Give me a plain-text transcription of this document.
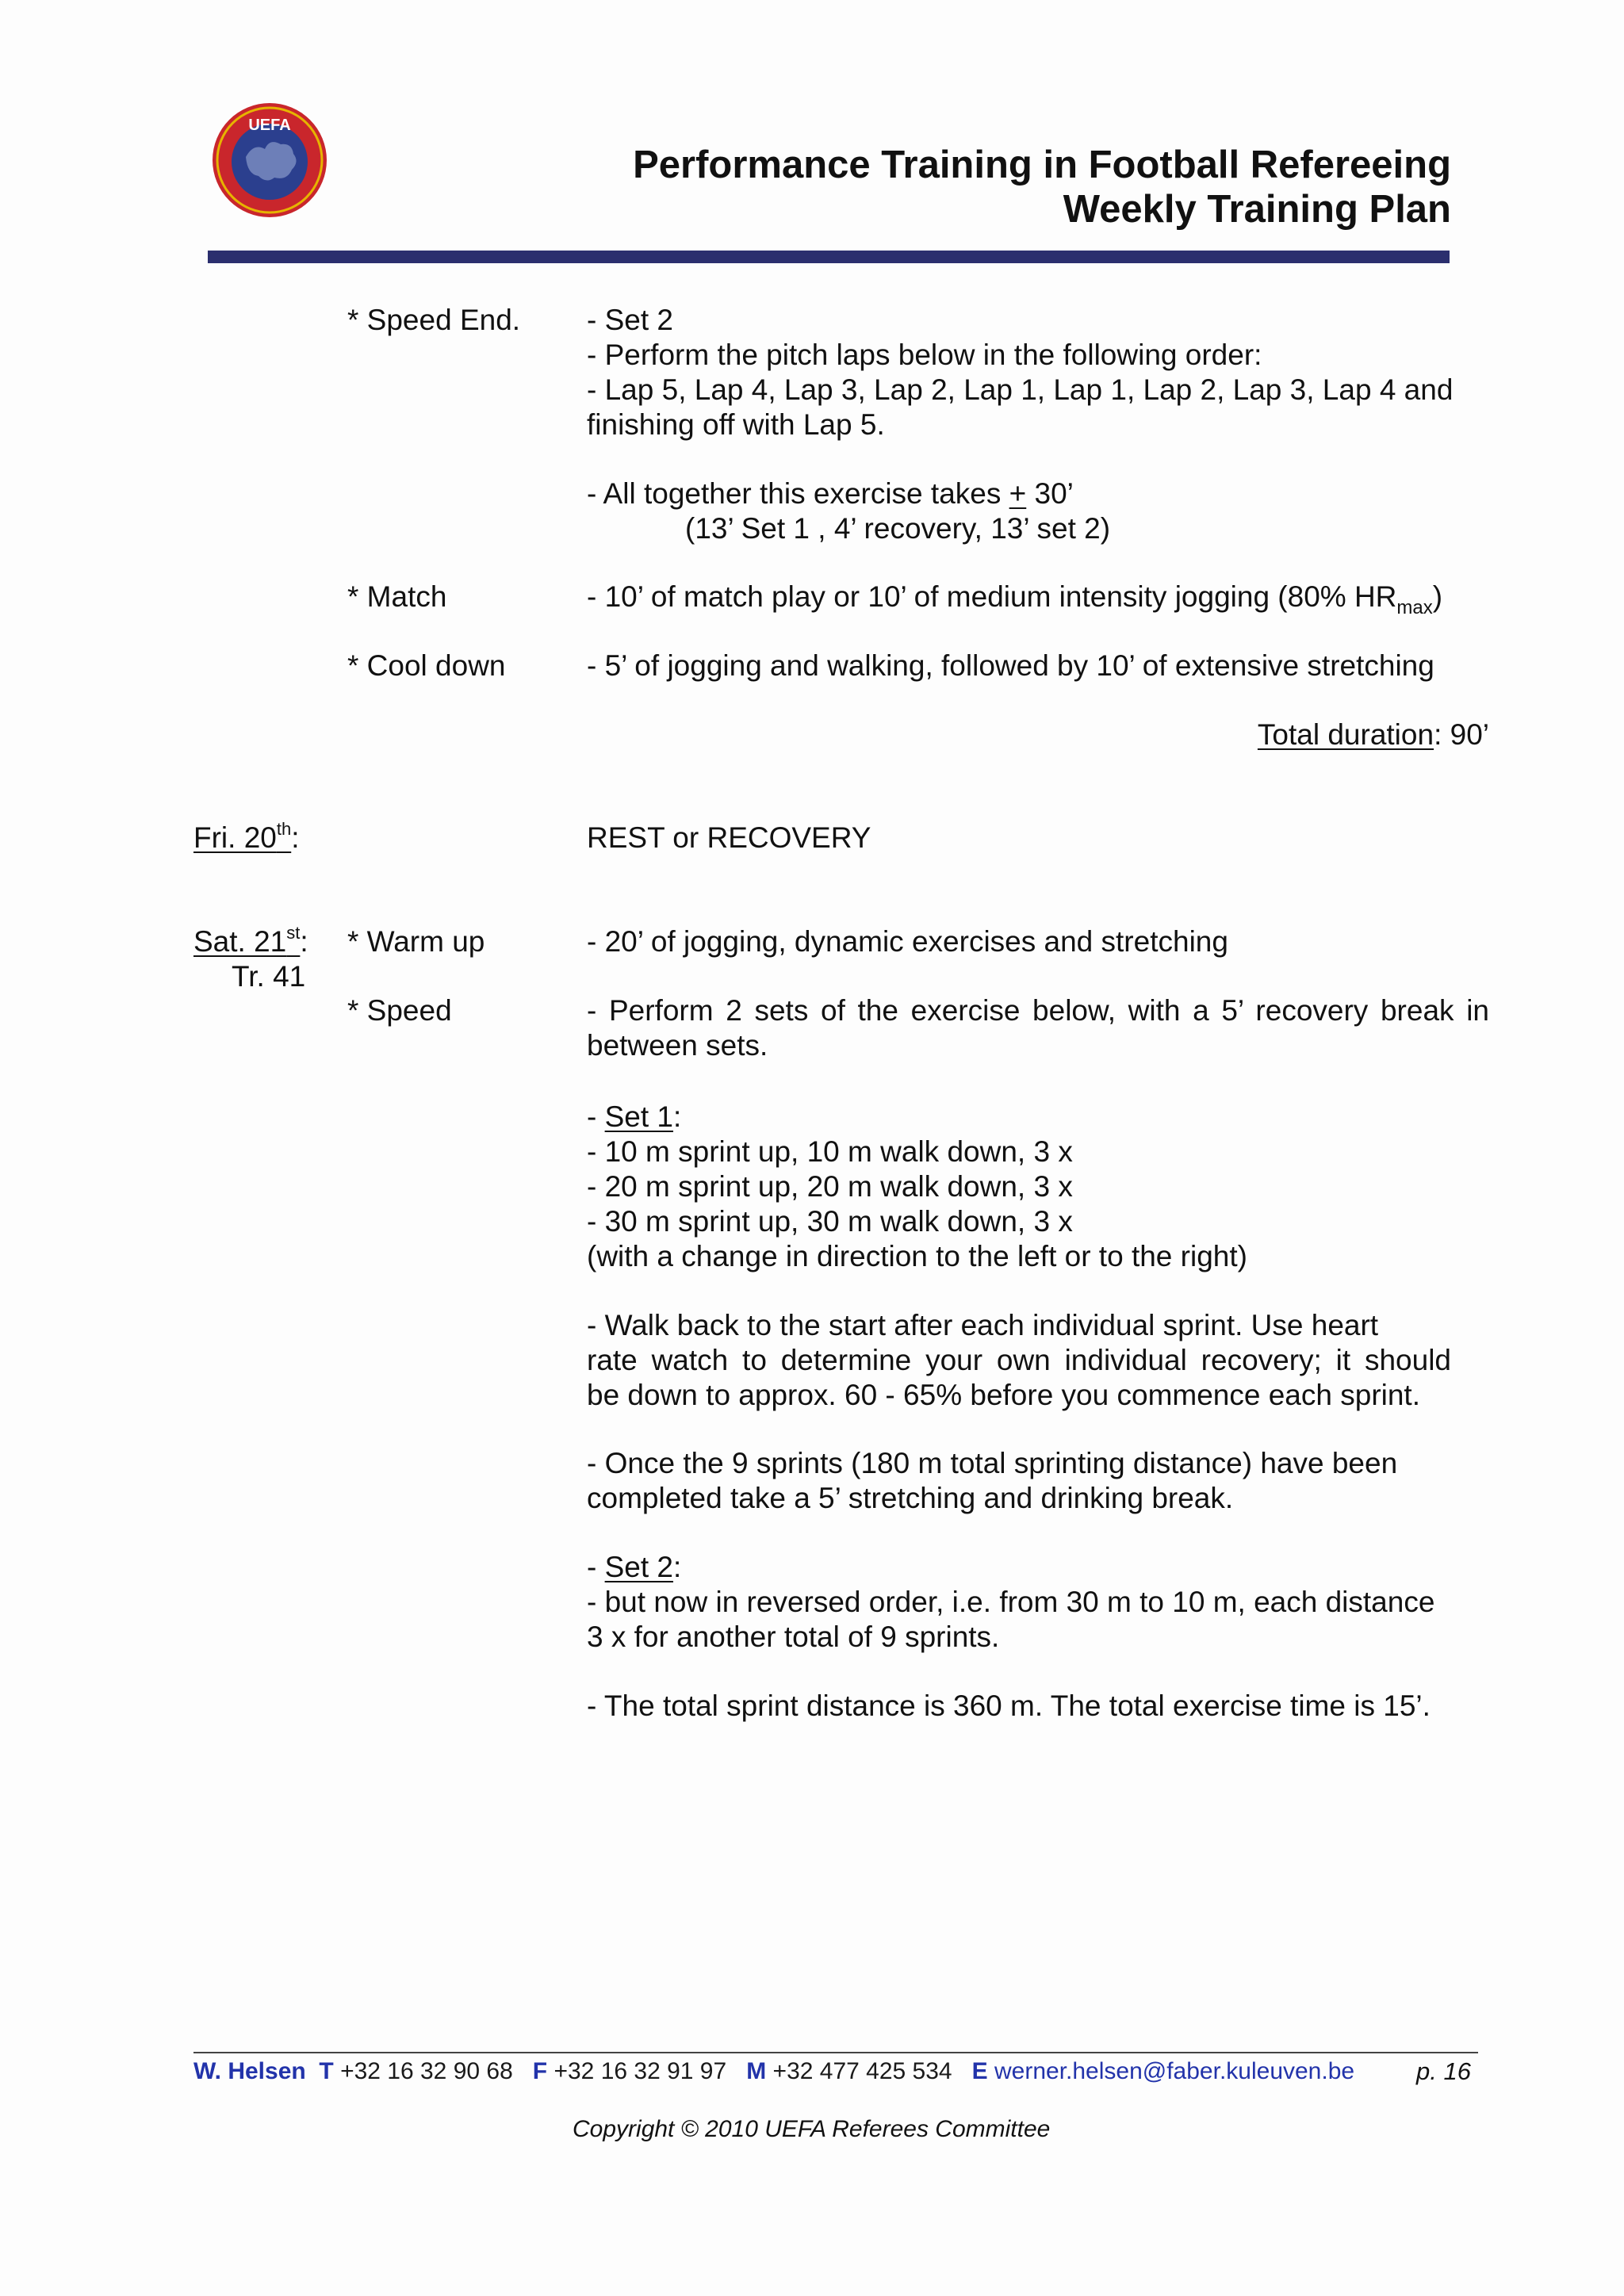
UEFA
Performance Training in Football Refereeing
Weekly Training Plan
* Speed End. - Set 2
- Perform the pitch laps below in the following order:
- Lap 5, Lap 4, Lap 3, Lap 2, Lap 1, Lap 1, Lap 2, Lap 3, Lap 4 and
finishing off with Lap 5.
- All together this exercise takes + 30’
(13’ Set 1 , 4’ recovery, 13’ set 2)
* Match	- 10’ of match play or 10’ of medium intensity jogging (80% $HR_{max}$)
* Cool down	- 5’ of jogging and walking, followed by 10’ of extensive stretching
Total duration: 90’
Fri. 20th:	REST or RECOVERY
Sat. 21st:
Tr. 41
* Warm up	- 20’ of jogging, dynamic exercises and stretching
* Speed	- Perform 2 sets of the exercise below, with a 5’ recovery break in
between sets.
- Set 1:
- 10 m sprint up, 10 m walk down, 3 x
- 20 m sprint up, 20 m walk down, 3 x
- 30 m sprint up, 30 m walk down, 3 x
(with a change in direction to the left or to the right)
- Walk back to the start after each individual sprint. Use heart
rate watch to determine your own individual recovery; it should
be down to approx. 60 - 65% before you commence each sprint.
- Once the 9 sprints (180 m total sprinting distance) have been
completed take a 5’ stretching and drinking break.
- Set 2:
- but now in reversed order, i.e. from 30 m to 10 m, each distance
3 x for another total of 9 sprints.
- The total sprint distance is 360 m. The total exercise time is 15’.
W. Helsen T +32 16 32 90 68 F +32 16 32 91 97 M +32 477 425 534 E werner.helsen@faber.kuleuven.be	p. 16
Copyright © 2010 UEFA Referees Committee
